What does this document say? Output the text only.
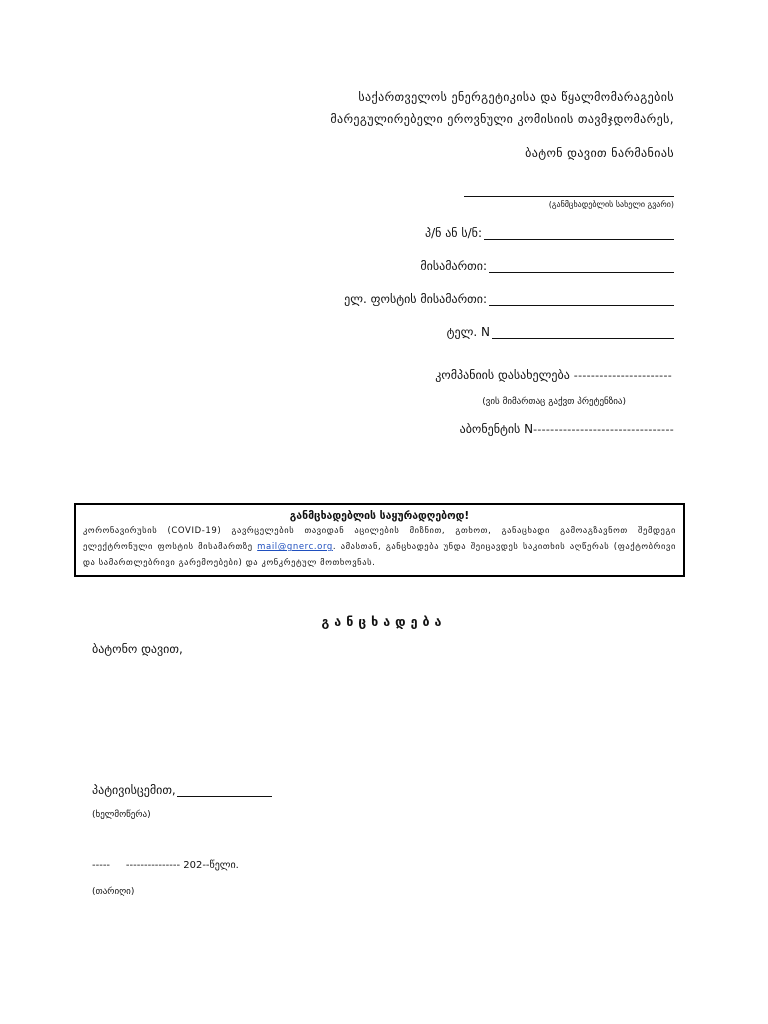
საქართველოს ენერგეტიკისა და წყალმომარაგების
მარეგულირებელი ეროვნული კომისიის თავმჯდომარეს,
ბატონ დავით ნარმანიას
(განმცხადებლის სახელი გვარი)
პ/ნ ან ს/ნ:
მისამართი:
ელ. ფოსტის მისამართი:
ტელ. N
კომპანიის დასახელება -----------------------
(ვის მიმართაც გაქვთ პრეტენზია)
აბონენტის N ---------------------------------
განმცხადებლის საყურადღებოდ!
კორონავირუსის (COVID-19) გავრცელების თავიდან აცილების მიზნით, გთხოთ, განაცხადი გამოაგზავნოთ შემდეგი ელექტრონული ფოსტის მისამართზე mail@gnerc.org. ამასთან, განცხადება უნდა შეიცავდეს საკითხის აღწერას (ფაქტობრივი და სამართლებრივი გარემოებები) და კონკრეტულ მოთხოვნას.
განცხადება
ბატონო დავით,
პატივისცემით,
(ხელმოწერა)
-----     --------------- 202--წელი.
(თარიღი)
